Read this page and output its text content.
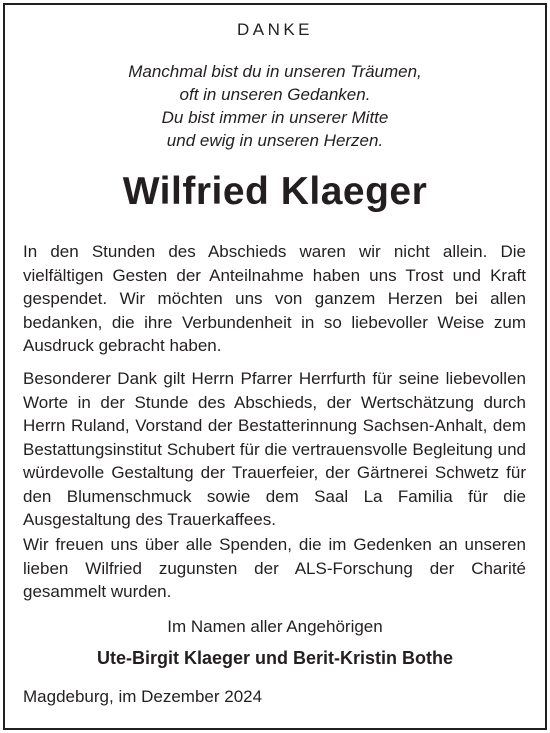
DANKE
Manchmal bist du in unseren Träumen,
oft in unseren Gedanken.
Du bist immer in unserer Mitte
und ewig in unseren Herzen.
Wilfried Klaeger

In den Stunden des Abschieds waren wir nicht allein. Die vielfältigen Gesten der Anteilnahme haben uns Trost und Kraft gespendet. Wir möchten uns von ganzem Herzen bei allen bedanken, die ihre Verbundenheit in so liebevoller Weise zum Ausdruck gebracht haben.

Besonderer Dank gilt Herrn Pfarrer Herrfurth für seine liebevollen Worte in der Stunde des Abschieds, der Wertschätzung durch Herrn Ruland, Vorstand der Bestatterinnung Sachsen-Anhalt, dem Bestattungsinstitut Schubert für die vertrauensvolle Begleitung und würdevolle Gestaltung der Trauerfeier, der Gärtnerei Schwetz für den Blumenschmuck sowie dem Saal La Familia für die Ausgestaltung des Trauerkaffees.

Wir freuen uns über alle Spenden, die im Gedenken an unseren lieben Wilfried zugunsten der ALS-Forschung der Charité gesammelt wurden.

Im Namen aller Angehörigen
Ute-Birgit Klaeger und Berit-Kristin Bothe
Magdeburg, im Dezember 2024
